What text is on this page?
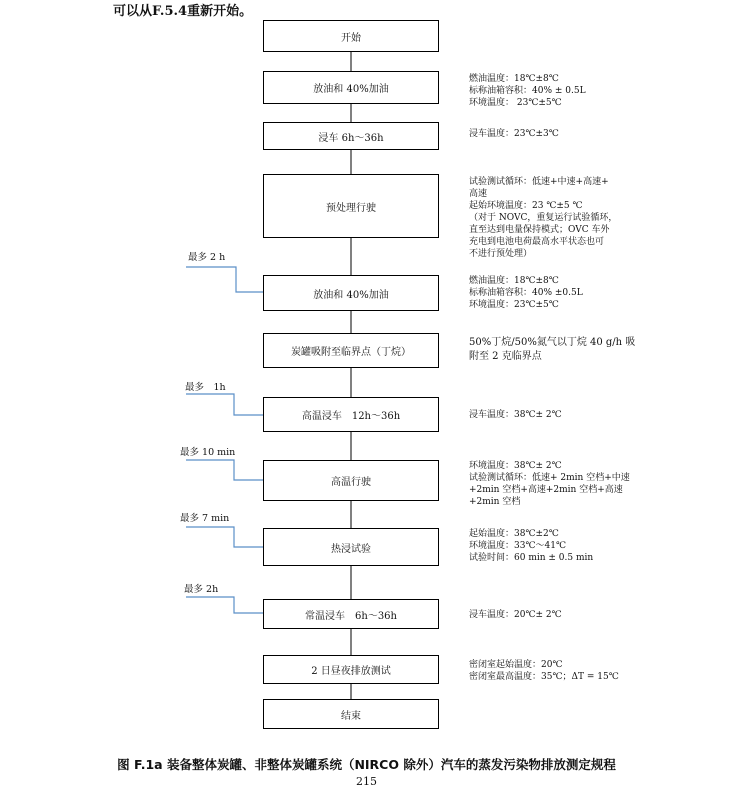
可以从F.5.4重新开始。
开始
放油和 40%加油
浸车 6h～36h
预处理行驶
放油和 40%加油
炭罐吸附至临界点（丁烷）
高温浸车　12h～36h
高温行驶
热浸试验
常温浸车　6h～36h
2 日昼夜排放测试
结束
燃油温度：18℃±8℃
标称油箱容积：40% ± 0.5L
环境温度： 23℃±5℃
浸车温度：23℃±3℃
试验测试循环：低速+中速+高速+
高速
起始环境温度：23 ℃±5 ℃
（对于 NOVC，重复运行试验循环，
直至达到电量保持模式；OVC 车外
充电到电池电荷最高水平状态也可
不进行预处理）
燃油温度：18℃±8℃
标称油箱容积：40% ±0.5L
环境温度：23℃±5℃
50%丁烷/50%氮气以丁烷 40 g/h 吸
附至 2 克临界点
浸车温度：38℃± 2℃
环境温度：38℃± 2℃
试验测试循环：低速+ 2min 空档+中速
+2min 空档+高速+2min 空档+高速
+2min 空档
起始温度：38℃±2℃
环境温度：33℃～41℃
试验时间：60 min ± 0.5 min
浸车温度：20℃± 2℃
密闭室起始温度：20℃
密闭室最高温度：35℃；ΔT = 15℃
最多 2 h
最多　1h
最多 10 min
最多 7 min
最多 2h
图 F.1a 装备整体炭罐、非整体炭罐系统（NIRCO 除外）汽车的蒸发污染物排放测定规程
215
